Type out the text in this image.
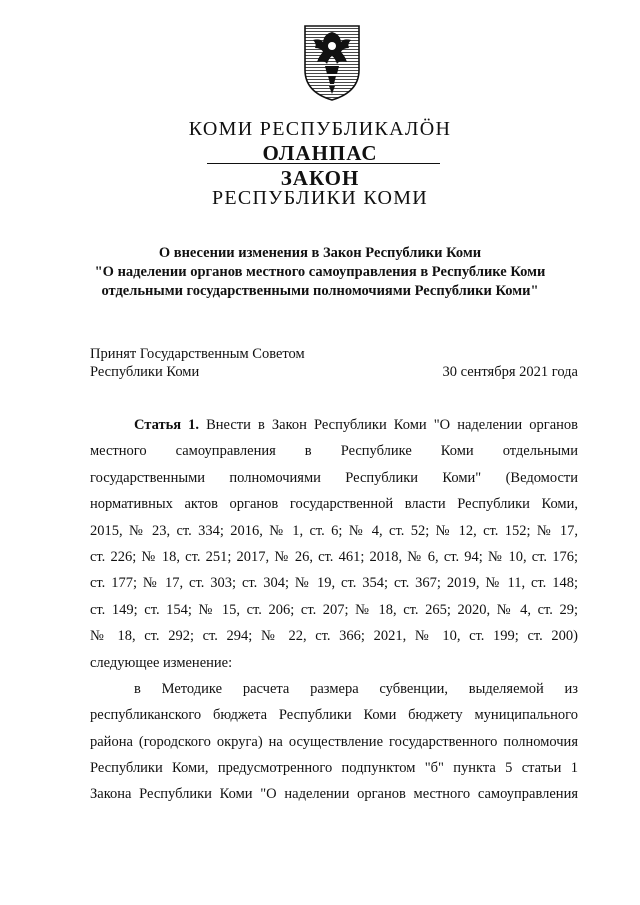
КОМИ РЕСПУБЛИКАЛӦН
ОЛАНПАС
ЗАКОН
РЕСПУБЛИКИ КОМИ
О внесении изменения в Закон Республики Коми
"О наделении органов местного самоуправления в Республике Коми
отдельными государственными полномочиями Республики Коми"
Принят Государственным Советом
Республики Коми	30 сентября 2021 года
Статья 1. Внести в Закон Республики Коми "О наделении органов
местного самоуправления в Республике Коми отдельными
государственными полномочиями Республики Коми" (Ведомости
нормативных актов органов государственной власти Республики Коми,
2015, № 23, ст. 334; 2016, № 1, ст. 6; № 4, ст. 52; № 12, ст. 152; № 17,
ст. 226; № 18, ст. 251; 2017, № 26, ст. 461; 2018, № 6, ст. 94; № 10, ст. 176;
ст. 177; № 17, ст. 303; ст. 304; № 19, ст. 354; ст. 367; 2019, № 11, ст. 148;
ст. 149; ст. 154; № 15, ст. 206; ст. 207; № 18, ст. 265; 2020, № 4, ст. 29;
№ 18, ст. 292; ст. 294; № 22, ст. 366; 2021, № 10, ст. 199; ст. 200)
следующее изменение:
в Методике расчета размера субвенции, выделяемой из
республиканского бюджета Республики Коми бюджету муниципального
района (городского округа) на осуществление государственного полномочия
Республики Коми, предусмотренного подпунктом "б" пункта 5 статьи 1
Закона Республики Коми "О наделении органов местного самоуправления
